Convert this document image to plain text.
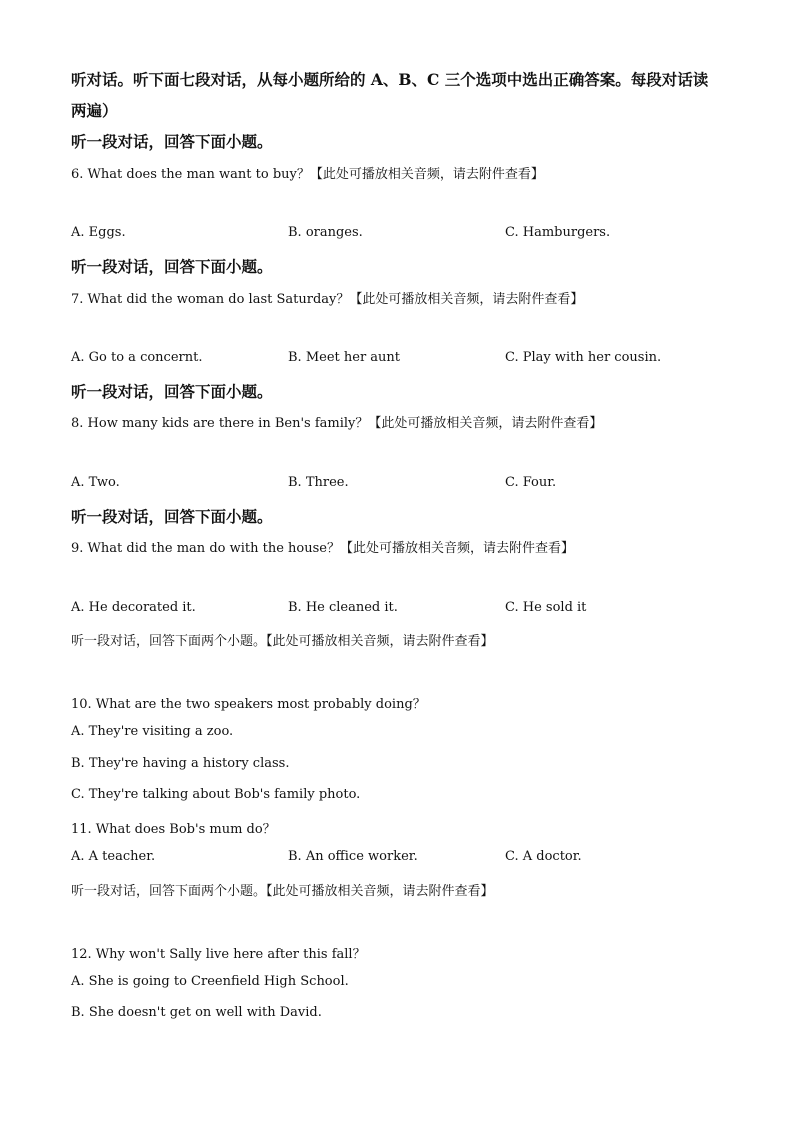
听对话。听下面七段对话，从每小题所给的 A、B、C 三个选项中选出正确答案。每段对话读
两遍）
听一段对话，回答下面小题。
6. What does the man want to buy？【此处可播放相关音频，请去附件查看】
A. Eggs.	B. oranges.	C. Hamburgers.
听一段对话，回答下面小题。
7. What did the woman do last Saturday？【此处可播放相关音频，请去附件查看】
A. Go to a concernt.	B. Meet her aunt	C. Play with her cousin.
听一段对话，回答下面小题。
8. How many kids are there in Ben's family？【此处可播放相关音频，请去附件查看】
A. Two.	B. Three.	C. Four.
听一段对话，回答下面小题。
9. What did the man do with the house？【此处可播放相关音频，请去附件查看】
A. He decorated it.	B. He cleaned it.	C. He sold it
听一段对话，回答下面两个小题。【此处可播放相关音频，请去附件查看】
10. What are the two speakers most probably doing？
A. They're visiting a zoo.
B. They're having a history class.
C. They're talking about Bob's family photo.
11. What does Bob's mum do？
A. A teacher.	B. An office worker.	C. A doctor.
听一段对话，回答下面两个小题。【此处可播放相关音频，请去附件查看】
12. Why won't Sally live here after this fall？
A. She is going to Creenfield High School.
B. She doesn't get on well with David.
